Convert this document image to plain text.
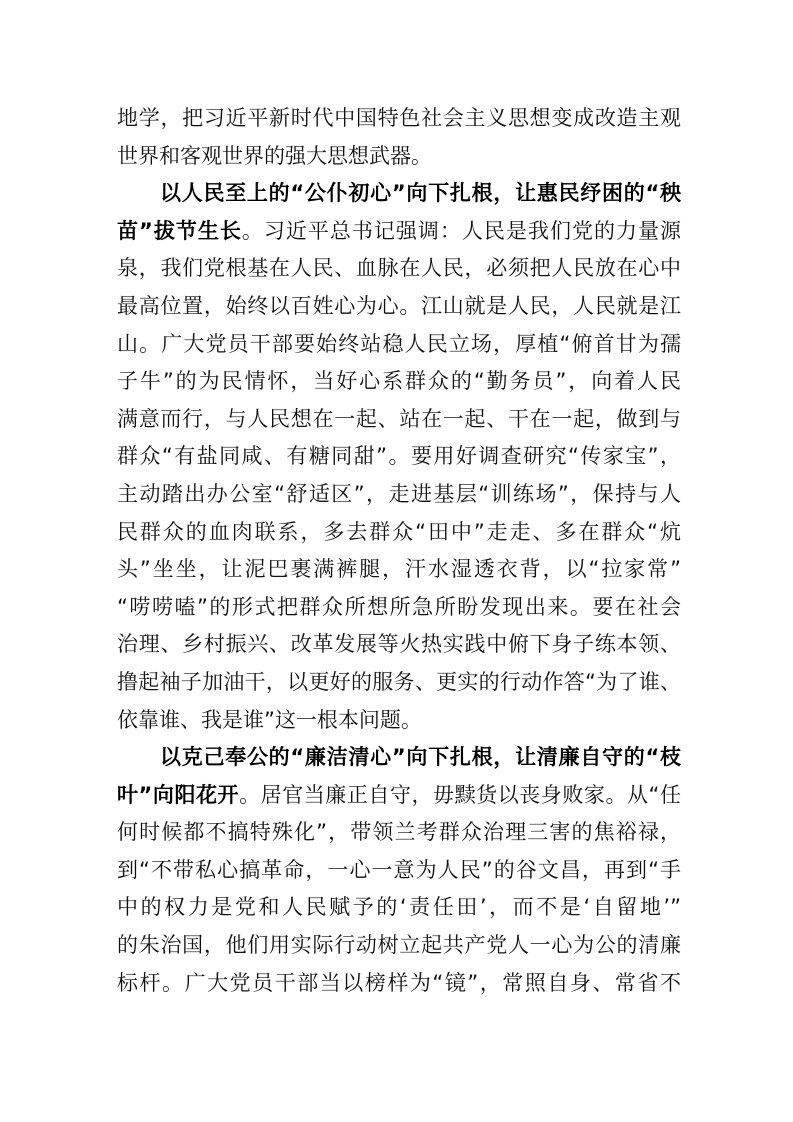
地学，把习近平新时代中国特色社会主义思想变成改造主观
世界和客观世界的强大思想武器。
以人民至上的“公仆初心”向下扎根，让惠民纾困的“秧
苗”拔节生长。习近平总书记强调：人民是我们党的力量源
泉，我们党根基在人民、血脉在人民，必须把人民放在心中
最高位置，始终以百姓心为心。江山就是人民，人民就是江
山。广大党员干部要始终站稳人民立场，厚植“俯首甘为孺
子牛”的为民情怀，当好心系群众的“勤务员”，向着人民
满意而行，与人民想在一起、站在一起、干在一起，做到与
群众“有盐同咸、有糖同甜”。要用好调查研究“传家宝”，
主动踏出办公室“舒适区”，走进基层“训练场”，保持与人
民群众的血肉联系，多去群众“田中”走走、多在群众“炕
头”坐坐，让泥巴裹满裤腿，汗水湿透衣背，以“拉家常”
“唠唠嗑”的形式把群众所想所急所盼发现出来。要在社会
治理、乡村振兴、改革发展等火热实践中俯下身子练本领、
撸起袖子加油干，以更好的服务、更实的行动作答“为了谁、
依靠谁、我是谁”这一根本问题。
以克己奉公的“廉洁清心”向下扎根，让清廉自守的“枝
叶”向阳花开。居官当廉正自守，毋黩货以丧身败家。从“任
何时候都不搞特殊化”，带领兰考群众治理三害的焦裕禄，
到“不带私心搞革命，一心一意为人民”的谷文昌，再到“手
中的权力是党和人民赋予的‘责任田’，而不是‘自留地’”
的朱治国，他们用实际行动树立起共产党人一心为公的清廉
标杆。广大党员干部当以榜样为“镜”，常照自身、常省不
